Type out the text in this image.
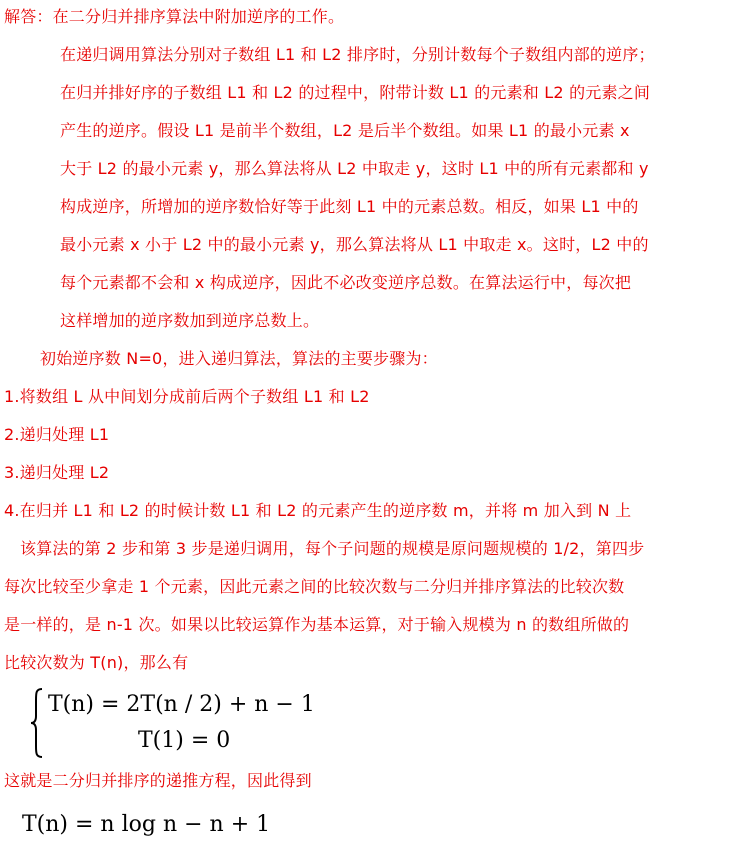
解答：在二分归并排序算法中附加逆序的工作。
在递归调用算法分别对子数组 L1 和 L2 排序时，分别计数每个子数组内部的逆序；
在归并排好序的子数组 L1 和 L2 的过程中，附带计数 L1 的元素和 L2 的元素之间
产生的逆序。假设 L1 是前半个数组，L2 是后半个数组。如果 L1 的最小元素 x
大于 L2 的最小元素 y，那么算法将从 L2 中取走 y，这时 L1 中的所有元素都和 y
构成逆序，所增加的逆序数恰好等于此刻 L1 中的元素总数。相反，如果 L1 中的
最小元素 x 小于 L2 中的最小元素 y，那么算法将从 L1 中取走 x。这时，L2 中的
每个元素都不会和 x 构成逆序，因此不必改变逆序总数。在算法运行中，每次把
这样增加的逆序数加到逆序总数上。
初始逆序数 N=0，进入递归算法，算法的主要步骤为：
1.将数组 L 从中间划分成前后两个子数组 L1 和 L2
2.递归处理 L1
3.递归处理 L2
4.在归并 L1 和 L2 的时候计数 L1 和 L2 的元素产生的逆序数 m，并将 m 加入到 N 上
该算法的第 2 步和第 3 步是递归调用，每个子问题的规模是原问题规模的 1/2，第四步
每次比较至少拿走 1 个元素，因此元素之间的比较次数与二分归并排序算法的比较次数
是一样的，是 n-1 次。如果以比较运算作为基本运算，对于输入规模为 n 的数组所做的
比较次数为 T(n)，那么有
T(n) = 2T(n / 2) + n − 1
T(1) = 0
这就是二分归并排序的递推方程，因此得到
T(n) = n log n − n + 1
